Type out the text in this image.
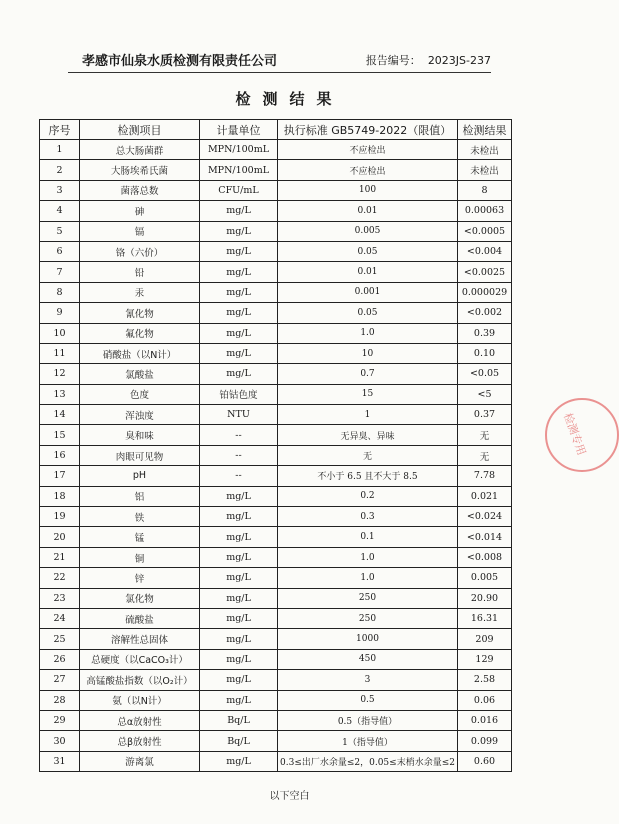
孝感市仙泉水质检测有限责任公司	报告编号： 2023JS-237
检测结果
序号	检测项目	计量单位	执行标准 GB5749-2022（限值）	检测结果
1	总大肠菌群	MPN/100mL	不应检出	未检出
2	大肠埃希氏菌	MPN/100mL	不应检出	未检出
3	菌落总数	CFU/mL	100	8
4	砷	mg/L	0.01	0.00063
5	镉	mg/L	0.005	<0.0005
6	铬（六价）	mg/L	0.05	<0.004
7	铅	mg/L	0.01	<0.0025
8	汞	mg/L	0.001	0.000029
9	氰化物	mg/L	0.05	<0.002
10	氟化物	mg/L	1.0	0.39
11	硝酸盐（以N计）	mg/L	10	0.10
12	氯酸盐	mg/L	0.7	<0.05
13	色度	铂钴色度	15	<5
14	浑浊度	NTU	1	0.37
15	臭和味	--	无异臭、异味	无
16	肉眼可见物	--	无	无
17	pH	--	不小于 6.5 且不大于 8.5	7.78
18	铝	mg/L	0.2	0.021
19	铁	mg/L	0.3	<0.024
20	锰	mg/L	0.1	<0.014
21	铜	mg/L	1.0	<0.008
22	锌	mg/L	1.0	0.005
23	氯化物	mg/L	250	20.90
24	硫酸盐	mg/L	250	16.31
25	溶解性总固体	mg/L	1000	209
26	总硬度（以CaCO₃计）	mg/L	450	129
27	高锰酸盐指数（以O₂计）	mg/L	3	2.58
28	氨（以N计）	mg/L	0.5	0.06
29	总α放射性	Bq/L	0.5（指导值）	0.016
30	总β放射性	Bq/L	1（指导值）	0.099
31	游离氯	mg/L	0.3≤出厂水余量≤2，0.05≤末梢水余量≤2	0.60
以下空白
检测专用
